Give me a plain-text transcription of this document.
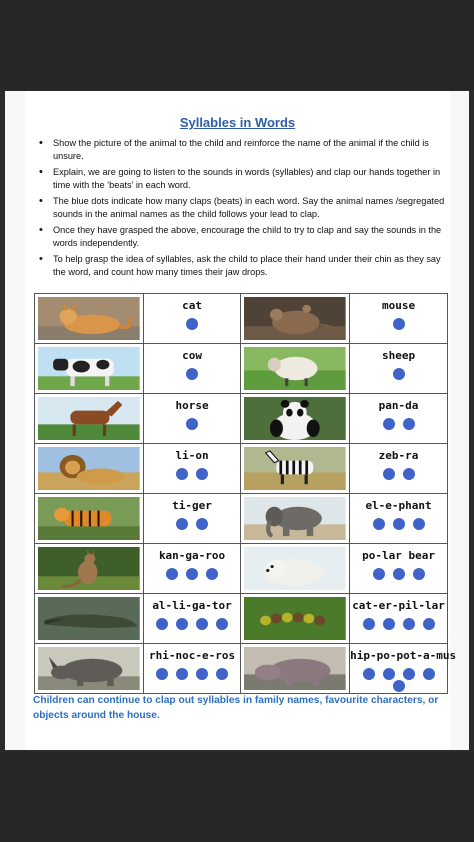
Syllables in Words
• Show the picture of the animal to the child and reinforce the name of the animal if the child is unsure.
• Explain, we are going to listen to the sounds in words (syllables) and clap our hands together in time with the ‘beats’ in each word.
• The blue dots indicate how many claps (beats) in each word. Say the animal names /segregated sounds in the animal names as the child follows your lead to clap.
• Once they have grasped the above, encourage the child to try to clap and say the sounds in the words independently.
• To help grasp the idea of syllables, ask the child to place their hand under their chin as they say the word, and count how many times their jaw drops.

cat		mouse

cow		sheep

horse		pan-da

li-on		zeb-ra

ti-ger		el-e-phant

kan-ga-roo		po-lar bear

al-li-ga-tor		cat-er-pil-lar

rhi-noc-e-ros		hip-po-pot-a-mus
Children can continue to clap out syllables in family names, favourite characters, or objects around the house.
